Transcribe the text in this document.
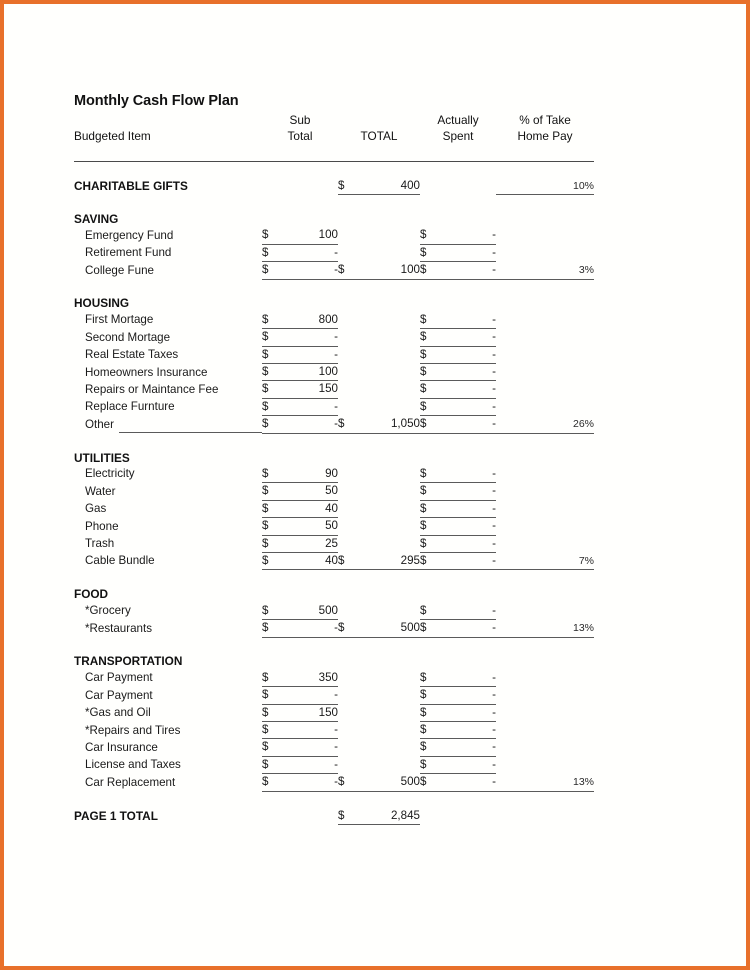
Monthly Cash Flow Plan
	Sub		Actually	% of Take
Budgeted Item	Total	TOTAL	Spent	Home Pay

CHARITABLE GIFTS		$ 400		10%

SAVING				
Emergency Fund	$ 100		$ -	

Retirement Fund	$ -		$ -	

College Fune	$ -	$ 100	$ -	3%

HOUSING				
First Mortage	$ 800		$ -	

Second Mortage	$ -		$ -	

Real Estate Taxes	$ -		$ -	

Homeowners Insurance	$ 100		$ -	

Repairs or Maintance Fee	$ 150		$ -	

Replace Furnture	$ -		$ -	

Other	$ -	$ 1,050	$ -	26%

UTILITIES				
Electricity	$ 90		$ -	

Water	$ 50		$ -	

Gas	$ 40		$ -	

Phone	$ 50		$ -	

Trash	$ 25		$ -	

Cable Bundle	$ 40	$ 295	$ -	7%

FOOD				
*Grocery	$ 500		$ -	

*Restaurants	$ -	$ 500	$ -	13%

TRANSPORTATION				
Car Payment	$ 350		$ -	

Car Payment	$ -		$ -	

*Gas and Oil	$ 150		$ -	

*Repairs and Tires	$ -		$ -	

Car Insurance	$ -		$ -	

License and Taxes	$ -		$ -	

Car Replacement	$ -	$ 500	$ -	13%

PAGE 1 TOTAL		$ 2,845		
